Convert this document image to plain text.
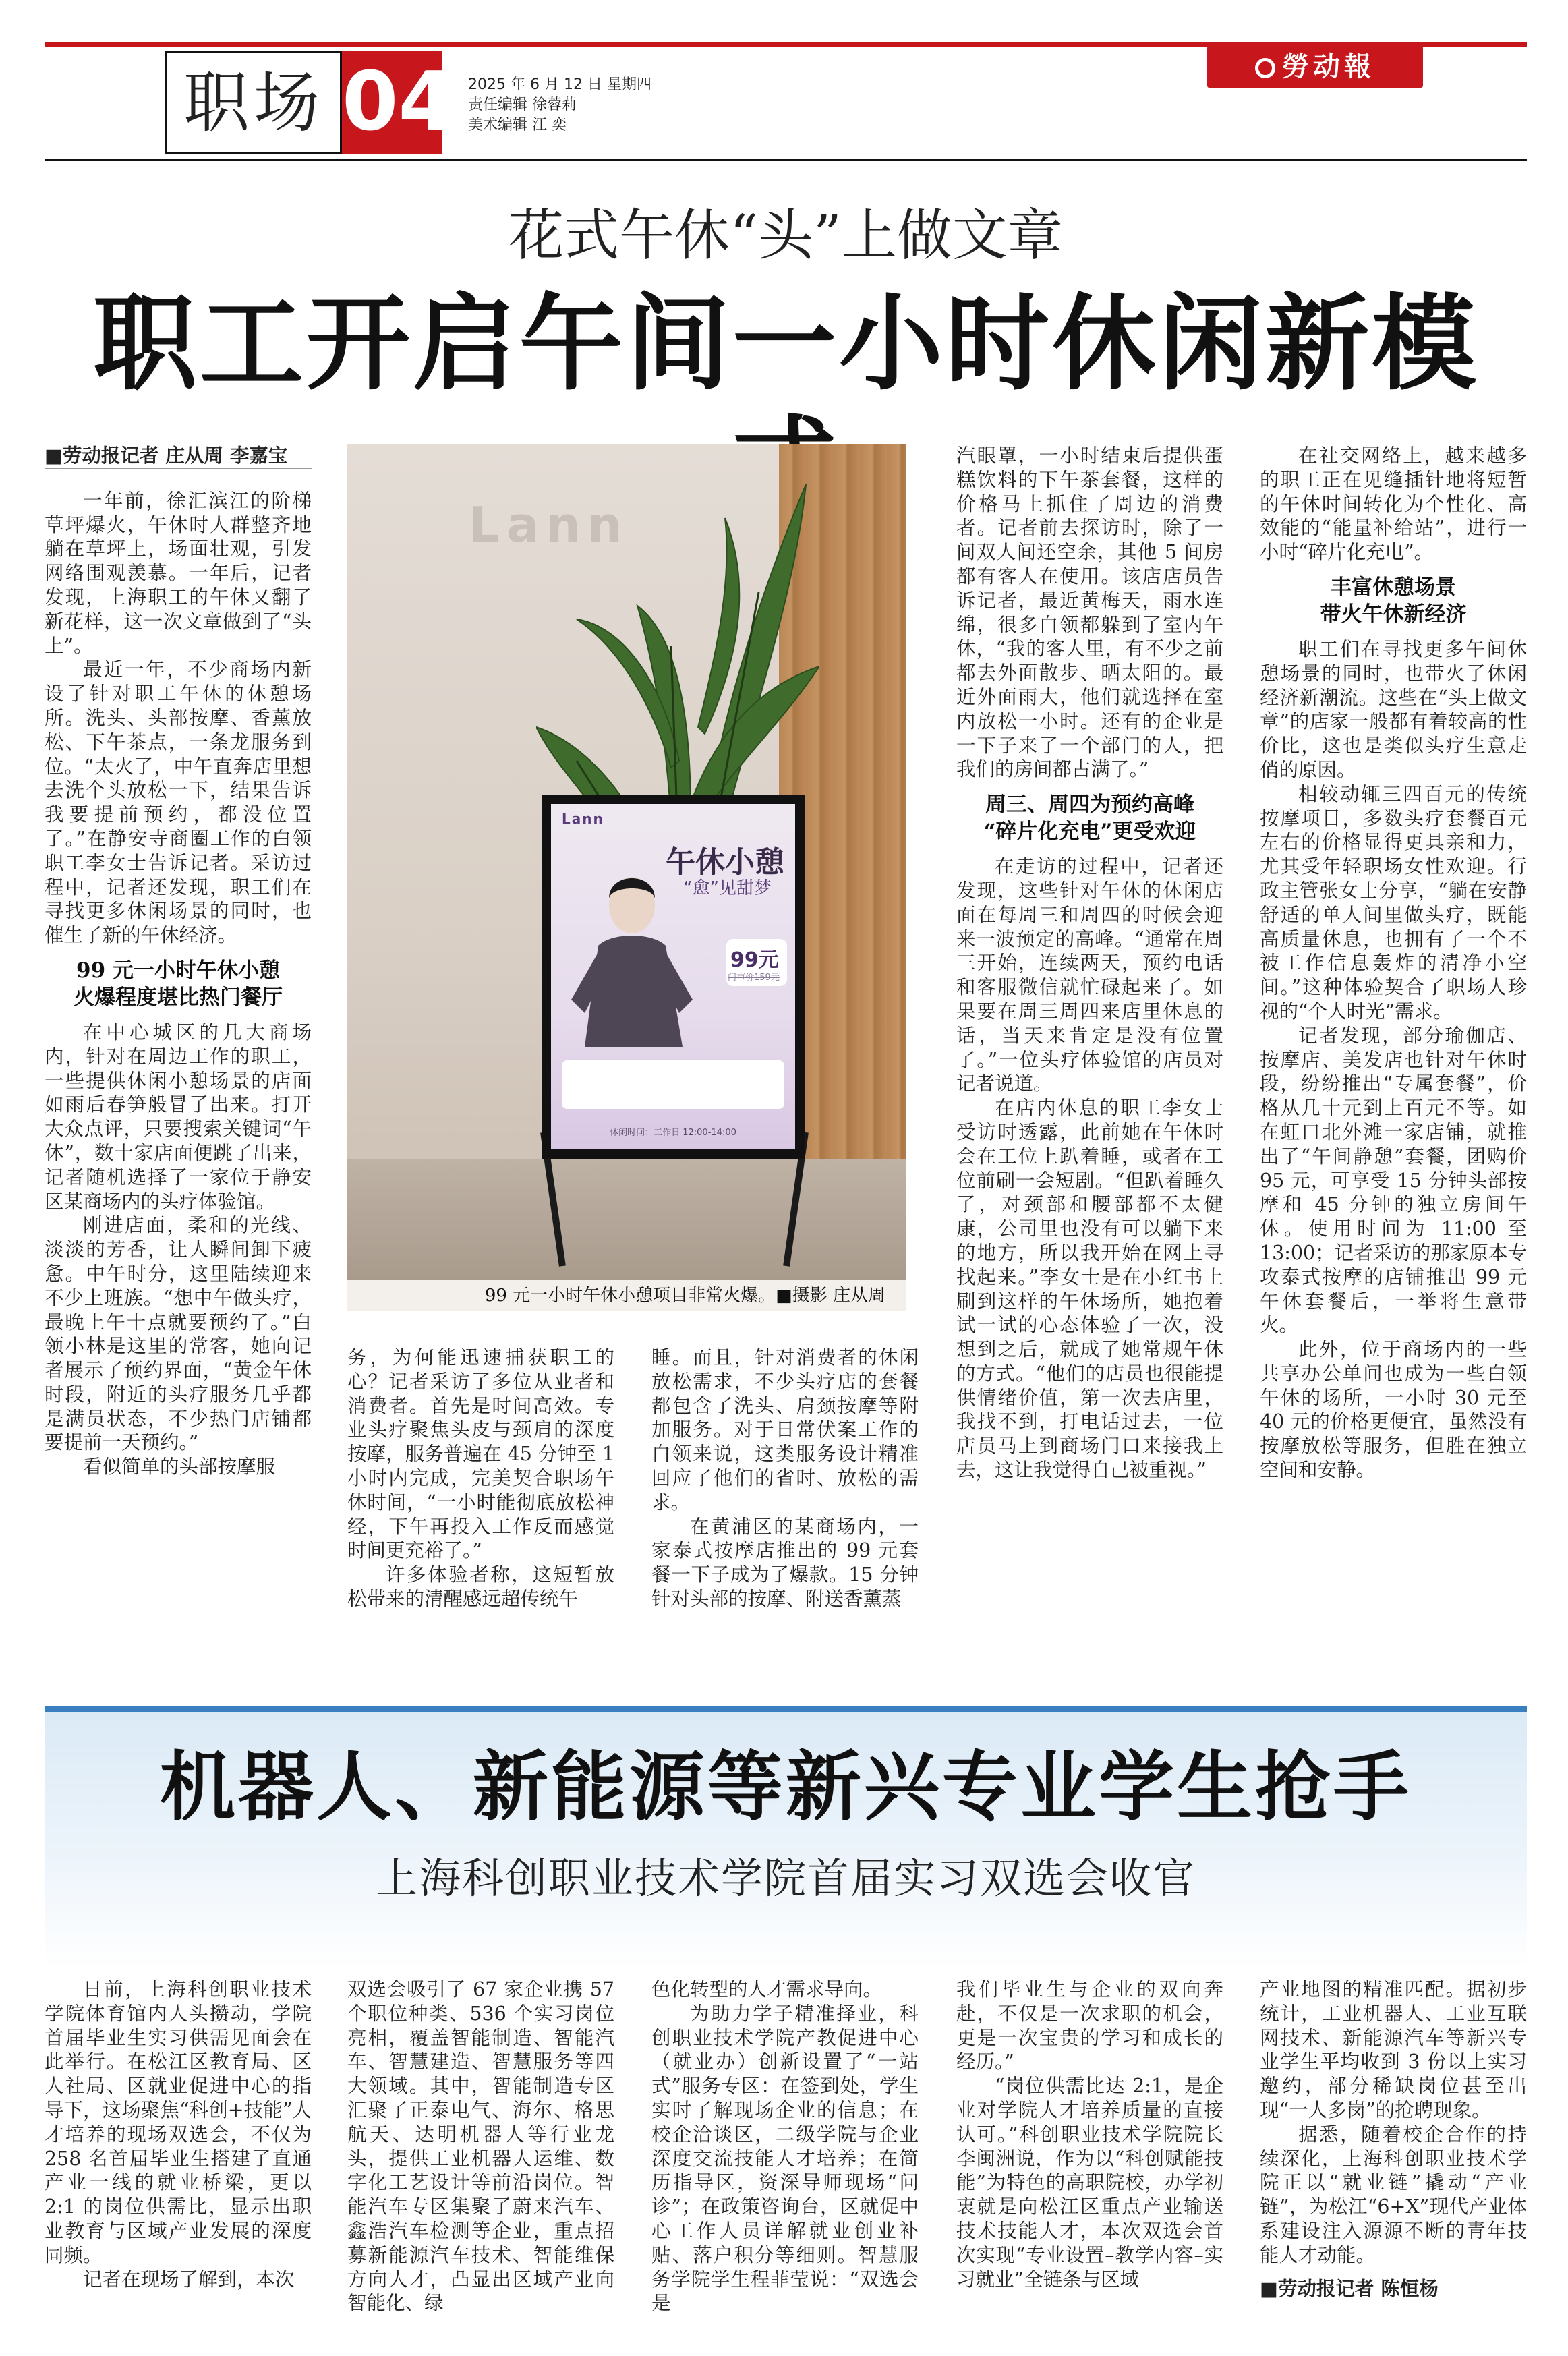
职场 04 2025 年 6 月 12 日 星期四
责任编辑 徐蓉莉
美术编辑 江 奕
勞动報
花式午休“头”上做文章
职工开启午间一小时休闲新模

■劳动报记者 庄从周 李嘉宝

一年前，徐汇滨江的阶梯草坪爆火，午休时人群整齐地躺在草坪上，场面壮观，引发网络围观羡慕。一年后，记者发现，上海职工的午休又翻了新花样，这一次文章做到了“头上”。

最近一年，不少商场内新设了针对职工午休的休憩场所。洗头、头部按摩、香薰放松、下午茶点，一条龙服务到位。“太火了，中午直奔店里想去洗个头放松一下，结果告诉我要提前预约，都没位置了。”在静安寺商圈工作的白领职工李女士告诉记者。采访过程中，记者还发现，职工们在寻找更多休闲场景的同时，也催生了新的午休经济。

99 元一小时午休小憩
火爆程度堪比热门餐厅

在中心城区的几大商场内，针对在周边工作的职工，一些提供休闲小憩场景的店面如雨后春笋般冒了出来。打开大众点评，只要搜索关键词“午休”，数十家店面便跳了出来，记者随机选择了一家位于静安区某商场内的头疗体验馆。

刚进店面，柔和的光线、淡淡的芳香，让人瞬间卸下疲惫。中午时分，这里陆续迎来不少上班族。“想中午做头疗，最晚上午十点就要预约了。”白领小林是这里的常客，她向记者展示了预约界面，“黄金午休时段，附近的头疗服务几乎都是满员状态，不少热门店铺都要提前一天预约。”

看似简单的头部按摩服

Lann
Lann
午休小憩
“愈”见甜梦
99元
门市价159元
休闲时间：工作日 12:00-14:00
99 元一小时午休小憩项目非常火爆。■摄影 庄从周

务，为何能迅速捕获职工的心？记者采访了多位从业者和消费者。首先是时间高效。专业头疗聚焦头皮与颈肩的深度按摩，服务普遍在 45 分钟至 1 小时内完成，完美契合职场午休时间，“一小时能彻底放松神经，下午再投入工作反而感觉时间更充裕了。”

许多体验者称，这短暂放松带来的清醒感远超传统午

睡。而且，针对消费者的休闲放松需求，不少头疗店的套餐都包含了洗头、肩颈按摩等附加服务。对于日常伏案工作的白领来说，这类服务设计精准回应了他们的省时、放松的需求。

在黄浦区的某商场内，一家泰式按摩店推出的 99 元套餐一下子成为了爆款。15 分钟针对头部的按摩、附送香薰蒸

汽眼罩，一小时结束后提供蛋糕饮料的下午茶套餐，这样的价格马上抓住了周边的消费者。记者前去探访时，除了一间双人间还空余，其他 5 间房都有客人在使用。该店店员告诉记者，最近黄梅天，雨水连绵，很多白领都躲到了室内午休，“我的客人里，有不少之前都去外面散步、晒太阳的。最近外面雨大，他们就选择在室内放松一小时。还有的企业是一下子来了一个部门的人，把我们的房间都占满了。”

周三、周四为预约高峰
“碎片化充电”更受欢迎

在走访的过程中，记者还发现，这些针对午休的休闲店面在每周三和周四的时候会迎来一波预定的高峰。“通常在周三开始，连续两天，预约电话和客服微信就忙碌起来了。如果要在周三周四来店里休息的话，当天来肯定是没有位置了。”一位头疗体验馆的店员对记者说道。

在店内休息的职工李女士受访时透露，此前她在午休时会在工位上趴着睡，或者在工位前刷一会短剧。“但趴着睡久了，对颈部和腰部都不太健康，公司里也没有可以躺下来的地方，所以我开始在网上寻找起来。”李女士是在小红书上刷到这样的午休场所，她抱着试一试的心态体验了一次，没想到之后，就成了她常规午休的方式。“他们的店员也很能提供情绪价值，第一次去店里，我找不到，打电话过去，一位店员马上到商场门口来接我上去，这让我觉得自己被重视。”

在社交网络上，越来越多的职工正在见缝插针地将短暂的午休时间转化为个性化、高效能的“能量补给站”，进行一小时“碎片化充电”。

丰富休憩场景
带火午休新经济

职工们在寻找更多午间休憩场景的同时，也带火了休闲经济新潮流。这些在“头上做文章”的店家一般都有着较高的性价比，这也是类似头疗生意走俏的原因。

相较动辄三四百元的传统按摩项目，多数头疗套餐百元左右的价格显得更具亲和力，尤其受年轻职场女性欢迎。行政主管张女士分享，“躺在安静舒适的单人间里做头疗，既能高质量休息，也拥有了一个不被工作信息轰炸的清净小空间。”这种体验契合了职场人珍视的“个人时光”需求。

记者发现，部分瑜伽店、按摩店、美发店也针对午休时段，纷纷推出“专属套餐”，价格从几十元到上百元不等。如在虹口北外滩一家店铺，就推出了“午间静憩”套餐，团购价 95 元，可享受 15 分钟头部按摩和 45 分钟的独立房间午休。使用时间为 11:00 至 13:00；记者采访的那家原本专攻泰式按摩的店铺推出 99 元午休套餐后，一举将生意带火。

此外，位于商场内的一些共享办公单间也成为一些白领午休的场所，一小时 30 元至 40 元的价格更便宜，虽然没有按摩放松等服务，但胜在独立空间和安静。

机器人、新能源等新兴专业学生抢手
上海科创职业技术学院首届实习双选会收官

日前，上海科创职业技术学院体育馆内人头攒动，学院首届毕业生实习供需见面会在此举行。在松江区教育局、区人社局、区就业促进中心的指导下，这场聚焦“科创+技能”人才培养的现场双选会，不仅为 258 名首届毕业生搭建了直通产业一线的就业桥梁，更以 2:1 的岗位供需比，显示出职业教育与区域产业发展的深度同频。

记者在现场了解到，本次

双选会吸引了 67 家企业携 57 个职位种类、536 个实习岗位亮相，覆盖智能制造、智能汽车、智慧建造、智慧服务等四大领域。其中，智能制造专区汇聚了正泰电气、海尔、格思航天、达明机器人等行业龙头，提供工业机器人运维、数字化工艺设计等前沿岗位。智能汽车专区集聚了蔚来汽车、鑫浩汽车检测等企业，重点招募新能源汽车技术、智能维保方向人才，凸显出区域产业向智能化、绿

色化转型的人才需求导向。

为助力学子精准择业，科创职业技术学院产教促进中心（就业办）创新设置了“一站式”服务专区：在签到处，学生实时了解现场企业的信息；在校企洽谈区，二级学院与企业深度交流技能人才培养；在简历指导区，资深导师现场“问诊”；在政策咨询台，区就促中心工作人员详解就业创业补贴、落户积分等细则。智慧服务学院学生程菲莹说：“双选会是

我们毕业生与企业的双向奔赴，不仅是一次求职的机会，更是一次宝贵的学习和成长的经历。”

“岗位供需比达 2:1，是企业对学院人才培养质量的直接认可。”科创职业技术学院院长李闽洲说，作为以“科创赋能技能”为特色的高职院校，办学初衷就是向松江区重点产业输送技术技能人才，本次双选会首次实现“专业设置–教学内容–实习就业”全链条与区域

产业地图的精准匹配。据初步统计，工业机器人、工业互联网技术、新能源汽车等新兴专业学生平均收到 3 份以上实习邀约，部分稀缺岗位甚至出现“一人多岗”的抢聘现象。

据悉，随着校企合作的持续深化，上海科创职业技术学院正以“就业链”撬动“产业链”，为松江“6+X”现代产业体系建设注入源源不断的青年技能人才动能。

■劳动报记者 陈恒杨
